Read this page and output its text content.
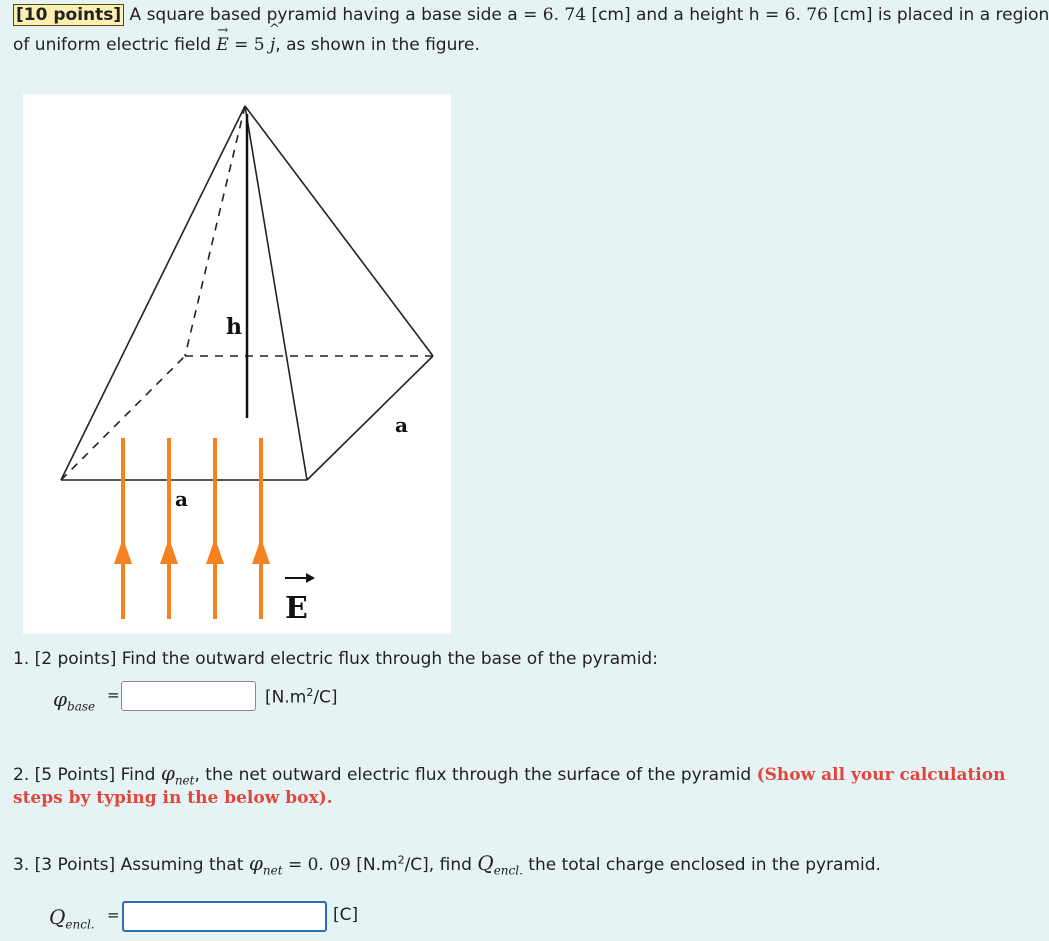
[10 points] A square based pyramid having a base side a = 6. 74 [cm] and a height h = 6. 76 [cm] is placed in a region
of uniform electric field
→
E = 5
^
j, as shown in the figure.
h
a
a
E
1. [2 points] Find the outward electric flux through the base of the pyramid:
$\varphi_{base}$
=	$[N.m^2/C]$
2. [5 Points] Find $\varphi_{net}$, the net outward electric flux through the surface of the pyramid (Show all your calculation
steps by typing in the below box).
3. [3 Points] Assuming that $\varphi_{net} = 0$. 09 $[N.m^2/C]$, find $Q_{encl.}$ the total charge enclosed in the pyramid.
$Q_{encl.}$
=	[C]
